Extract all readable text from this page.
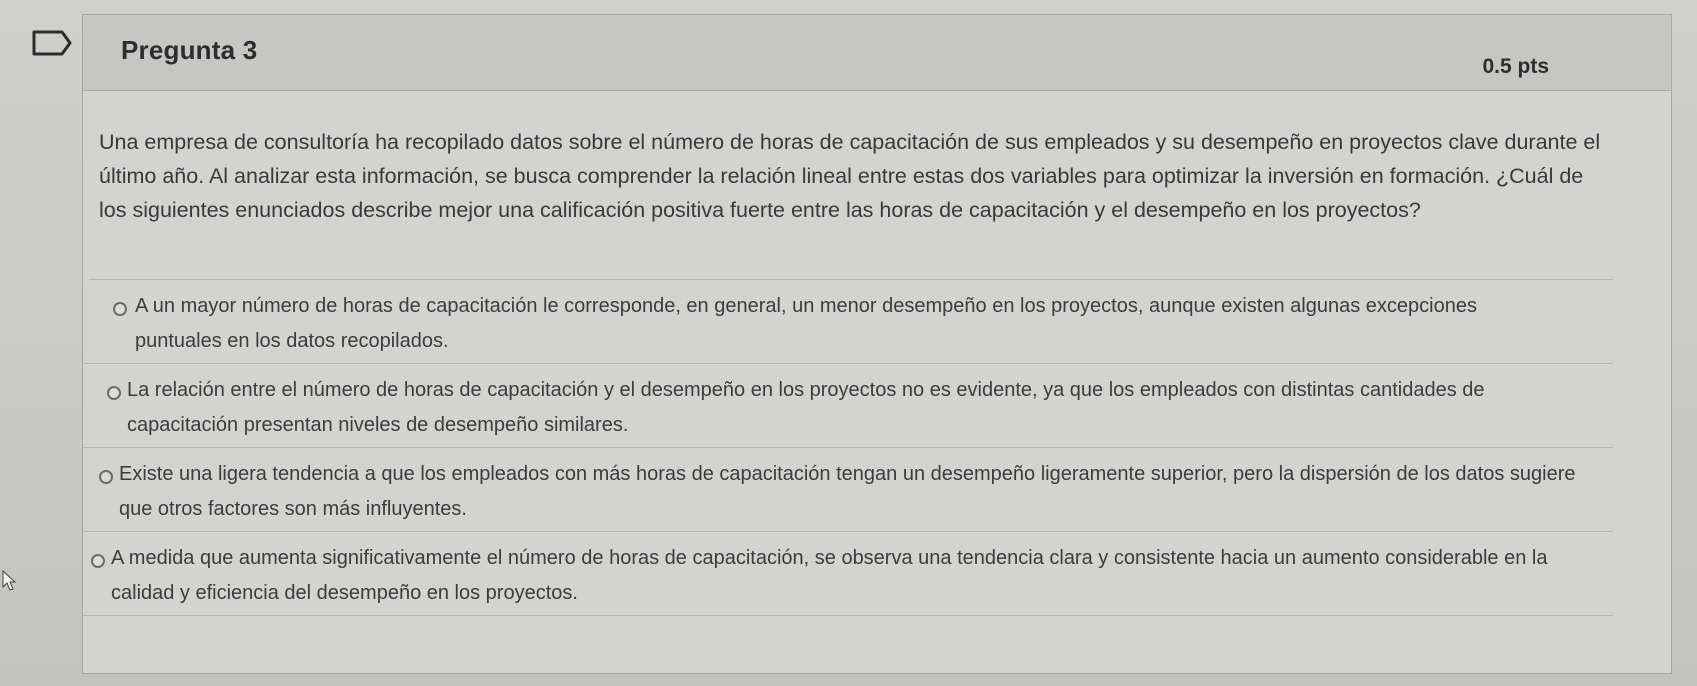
Pregunta 3
0.5 pts

Una empresa de consultoría ha recopilado datos sobre el número de horas de capacitación de sus empleados y su desempeño en proyectos clave durante el último año. Al analizar esta información, se busca comprender la relación lineal entre estas dos variables para optimizar la inversión en formación. ¿Cuál de los siguientes enunciados describe mejor una calificación positiva fuerte entre las horas de capacitación y el desempeño en los proyectos?

A un mayor número de horas de capacitación le corresponde, en general, un menor desempeño en los proyectos, aunque existen algunas excepciones puntuales en los datos recopilados.
La relación entre el número de horas de capacitación y el desempeño en los proyectos no es evidente, ya que los empleados con distintas cantidades de capacitación presentan niveles de desempeño similares.
Existe una ligera tendencia a que los empleados con más horas de capacitación tengan un desempeño ligeramente superior, pero la dispersión de los datos sugiere que otros factores son más influyentes.
A medida que aumenta significativamente el número de horas de capacitación, se observa una tendencia clara y consistente hacia un aumento considerable en la calidad y eficiencia del desempeño en los proyectos.
